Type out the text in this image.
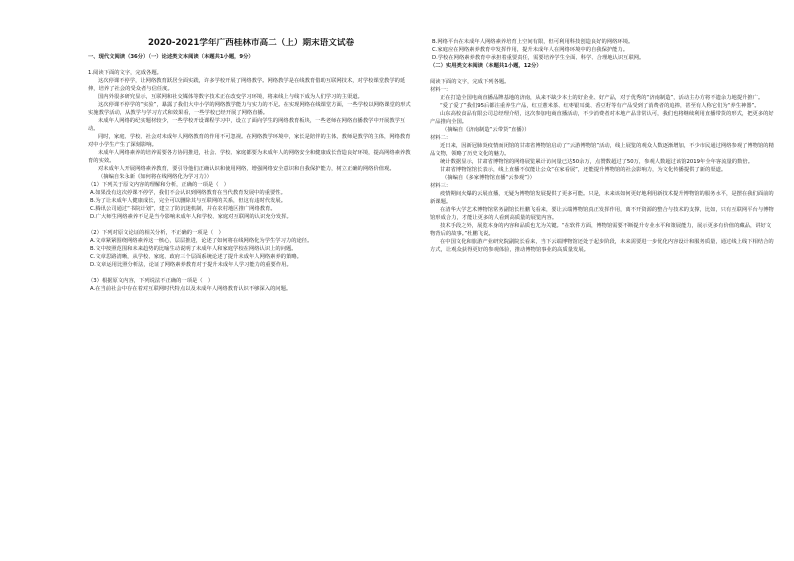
2020-2021学年广西桂林市高二（上）期末语文试卷

一、现代文阅读（36分）（一）论述类文本阅读（本题共1小题，9分）

1.阅读下面的文字，完成各题。

这次停课不停学，让网络教育跃居全面实践，许多学校开展了网络教学。网络教学是在线教育借助互联网技术，对学校课堂教学的延伸，培养了社会的受众者与信任度。

国内外很多研究显示，互联网和社交媒体等数字技术正在改变学习环境，将来线上与线下成为人们学习的主渠道。

这次停课不停学的“实验”，暴露了我们大中小学的网络教学能力与实力的不足。在实现网络在线课堂方面，一些学校以网络课堂的形式实施教学活动，从教学与学习方式和效果看，一些学校已经开展了网络直播。

未成年人网络的纪实题材较少，一些学校开设课程学习中，设立了面向学生的网络教育板块，一些老师在网络直播教学中开展教学互动。

同时，家庭、学校、社会对未成年人网络教育的作用不可忽视。在网络教学环境中，家长是陪伴的主体，教师是教学的主体，网络教育对中小学生产生了深刻影响。

未成年人网络素养的培养需要各方协同推进，社会、学校、家庭都要为未成年人的网络安全和健康成长营造良好环境，提高网络素养教育的实效。

对未成年人开展网络素养教育，要引导他们正确认识和使用网络，增强网络安全意识和自我保护能力，树立正确的网络价值观。

（摘编自朱永新《如何将在线网络化为学习力》）

（1）下列关于原文内容的理解和分析，正确的一项是（　）

A.如果没有这次停课不停学，我们不会认识到网络教育在当代教育发展中的重要性。

B.为了让未成年人健康成长，完全可以删除其与互联网的关系，但这有违时代发展。

C.腾讯公司通过“书院计划”，建立了防沉迷机制，并在农村地区推广网络教育。

D.广大师生网络素养不足是当今影响未成年人和学校、家庭对互联网的认识充分发挥。

（2）下列对原文论证的相关分析，不正确的一项是（　）

A.文章紧紧围绕网络素养这一核心，层层推进，论述了如何将在线网络化为学生学习力的途径。

B.文中按照范围和未来趋势的比喻生动说明了未成年人和家庭学校在网络认识上的问题。

C.文章思路清晰，从学校、家庭、政府三个层面系统论述了提升未成年人网络素养的策略。

D.文章运用比照分析法，论证了网络素养教育对于提升未成年人学习能力的重要作用。

（3）根据原文内容，下列说法不正确的一项是（　）

A.在当前社会中存在着对互联网时代特点以及未成年人网络教育认识不够深入的问题。

B.网络平台在未成年人网络素养培育上空间有限，但可利用科技创造良好的网络环境。

C.家庭应在网络素养教育中发挥作用，提升未成年人在网络环境中的自我保护能力。

D.学校在网络素养教育中承担着重要责任，需要培养学生全面、科学、合理地认识互联网。

（二）实用类文本阅读（本题共1小题，12分）

阅读下面的文字，完成下列各题。

材料一：

正在打造全国电商直播品牌基地的济南，从来不缺少本土的好企业、好产品，对于优秀的“济南制造”，活动主办方将不遗余力地提升推广。

“爱了爱了”我们95后都注重养生产品，红豆薏米茶、红枣银耳羹、香豆籽等有产品受到了消费者的追捧，甚至有人称它们为“养生神器”。

山东高校食品有限公司总经理介绍，这次参加电商直播活动，不少消费者对本地产品非常认可，我们也将继续利用直播带货的形式，把更多的好产品推向全国。

（摘编自《济南制造“云带货”直播》）

材料二：

近日来，因新冠肺炎疫情而闭馆的甘肃省博物馆启动了“云游博物馆”活动，线上展览的观众人数逐渐增加，不少市民通过网络参观了博物馆的精品文物，领略了历史文化的魅力。

统计数据显示，甘肃省博物馆的网络展览累计访问量已达50余万，点赞数超过了50万，参观人数超过该馆2019年全年客流量的数倍。

甘肃省博物馆馆长表示，线上直播不仅能让公众“在家看展”，还能提升博物馆的社会影响力，为文化传播提供了新的渠道。

（摘编自《多家博物馆直播“云参观”》）

材料三：

疫情期间火爆的云展直播，无疑为博物馆发展提供了更多可能。只是，未来该如何更好地利用新技术提升博物馆的服务水平，是摆在我们面前的新课题。

在清华大学艺术博物馆常务副馆长杜鹏飞看来，要让云端博物馆真正发挥作用，离不开资源的整合与技术的支撑，比如，只有互联网平台与博物馆形成合力，才能让更多的人看到高质量的展览内容。

技术手段之外，展览本身的内容和品质也尤为关键。“在软件方面，博物馆需要不断提升专业水平和策展能力，展示更多有价值的藏品，讲好文物背后的故事。”杜鹏飞说。

在中国文化和旅游产业研究院副院长看来，当下云端博物馆还处于起步阶段，未来需要进一步优化内容设计和服务质量，通过线上线下相结合的方式，让观众获得更好的参观体验，推动博物馆事业的高质量发展。
